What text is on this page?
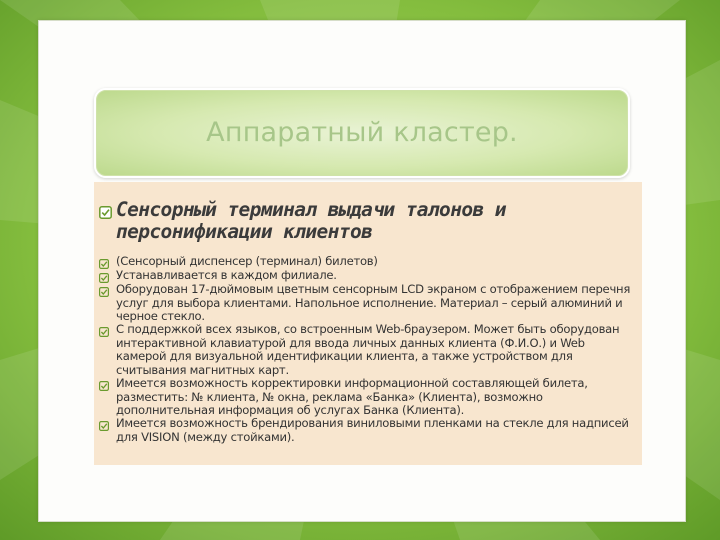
Аппаратный кластер.
Сенсорный терминал выдачи талонов и персонификации клиентов
(Сенсорный диспенсер (терминал) билетов)
Устанавливается в каждом филиале.
Оборудован 17-дюймовым цветным сенсорным LCD экраном с отображением перечня услуг для выбора клиентами. Напольное исполнение. Материал – серый алюминий и черное стекло.
С поддержкой всех языков, со встроенным Web-браузером. Может быть оборудован интерактивной клавиатурой для ввода личных данных клиента (Ф.И.О.) и Web камерой для визуальной идентификации клиента, а также устройством для считывания магнитных карт.
Имеется возможность корректировки информационной составляющей билета, разместить: № клиента, № окна, реклама «Банка» (Клиента), возможно дополнительная информация об услугах Банка (Клиента).
Имеется возможность брендирования виниловыми пленками на стекле для надписей для VISION (между стойками).
